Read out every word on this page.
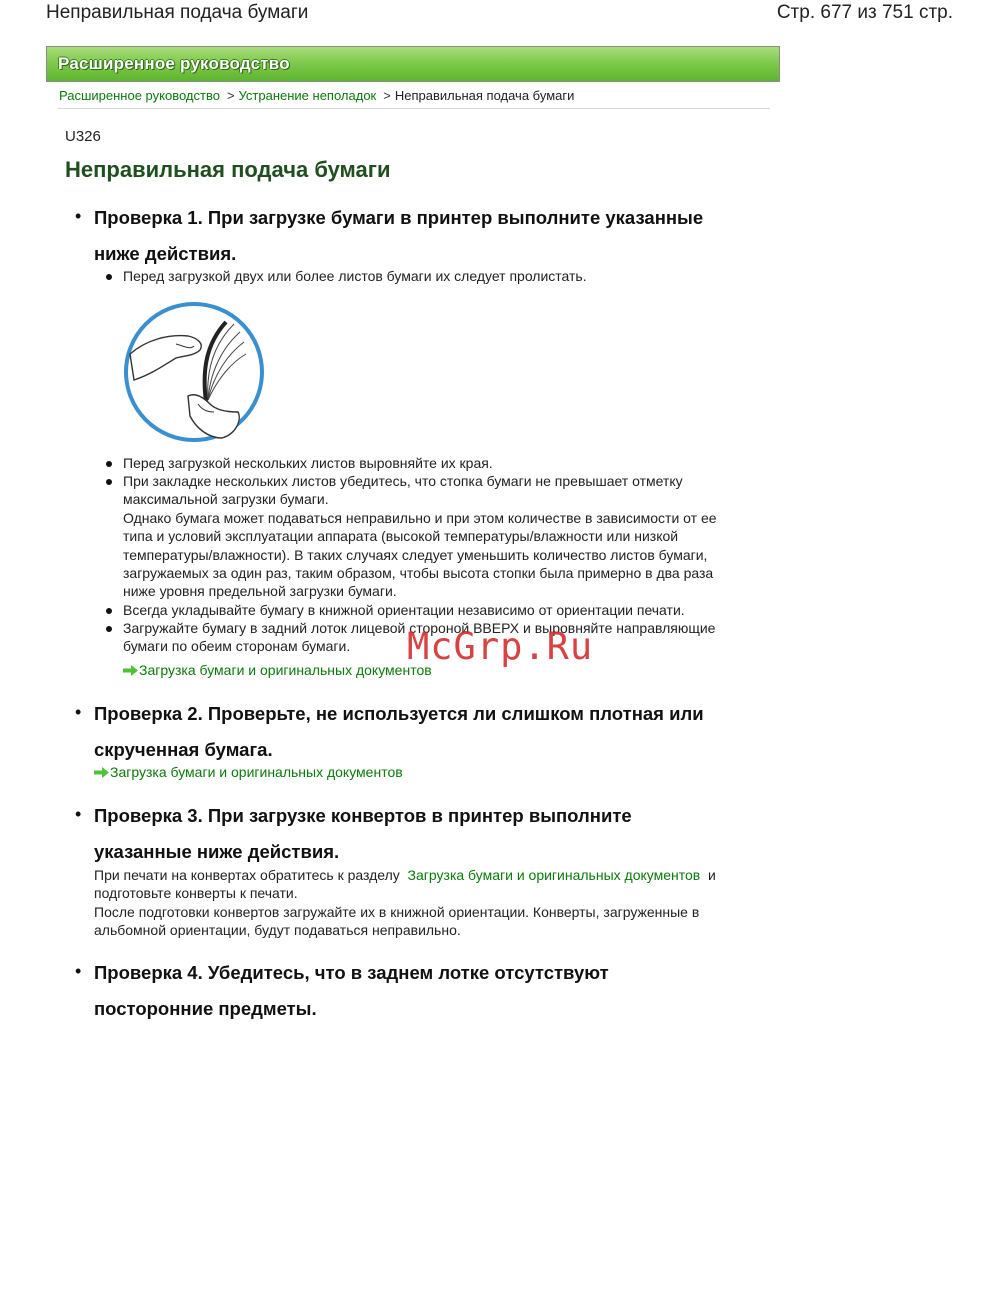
Неправильная подача бумаги	Стр. 677 из 751 стр.
Расширенное руководство
Расширенное руководство > Устранение неполадок > Неправильная подача бумаги
U326
Неправильная подача бумаги
• Проверка 1. При загрузке бумаги в принтер выполните указанные
ниже действия.

Перед загрузкой двух или более листов бумаги их следует пролистать.

Перед загрузкой нескольких листов выровняйте их края.

При закладке нескольких листов убедитесь, что стопка бумаги не превышает отметку
максимальной загрузки бумаги.
Однако бумага может подаваться неправильно и при этом количестве в зависимости от ее
типа и условий эксплуатации аппарата (высокой температуры/влажности или низкой
температуры/влажности). В таких случаях следует уменьшить количество листов бумаги,
загружаемых за один раз, таким образом, чтобы высота стопки была примерно в два раза
ниже уровня предельной загрузки бумаги.

Всегда укладывайте бумагу в книжной ориентации независимо от ориентации печати.

Загружайте бумагу в задний лоток лицевой стороной ВВЕРХ и выровняйте направляющие
бумаги по обеим сторонам бумаги.

Загрузка бумаги и оригинальных документов
• Проверка 2. Проверьте, не используется ли слишком плотная или
скрученная бумага.

Загрузка бумаги и оригинальных документов
• Проверка 3. При загрузке конвертов в принтер выполните
указанные ниже действия.

При печати на конвертах обратитесь к разделу Загрузка бумаги и оригинальных документов и
подготовьте конверты к печати.
После подготовки конвертов загружайте их в книжной ориентации. Конверты, загруженные в
альбомной ориентации, будут подаваться неправильно.

• Проверка 4. Убедитесь, что в заднем лотке отсутствуют
посторонние предметы.

McGrp.Ru
